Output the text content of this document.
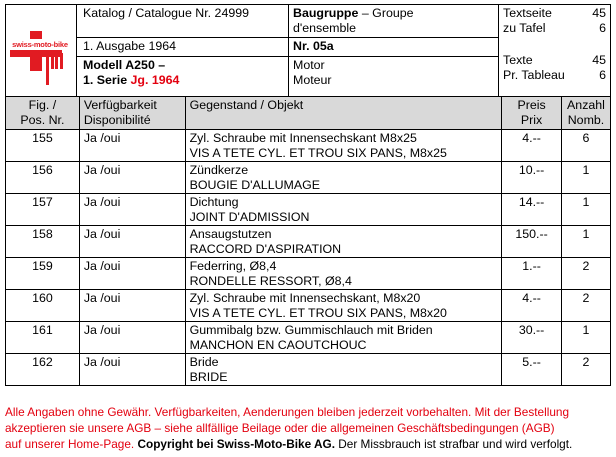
swiss-moto-bike
Katalog / Catalogue Nr. 24999
1. Ausgabe 1964
Modell A250 –
1. Serie Jg. 1964
Baugruppe – Groupe
d'ensemble
Nr. 05a
Motor
Moteur
Textseite	45
zu Tafel	6
Texte	45
Pr. Tableau	6
Fig. /
Pos. Nr.	Verfügbarkeit
Disponibilité	Gegenstand / Objekt	Preis
Prix	Anzahl
Nomb.
155	Ja /oui	Zyl. Schraube mit Innensechskant M8x25
VIS A TETE CYL. ET TROU SIX PANS, M8x25	4.--	6
156	Ja /oui	Zündkerze
BOUGIE D'ALLUMAGE	10.--	1
157	Ja /oui	Dichtung
JOINT D'ADMISSION	14.--	1
158	Ja /oui	Ansaugstutzen
RACCORD D'ASPIRATION	150.--	1
159	Ja /oui	Federring, Ø8,4
RONDELLE RESSORT, Ø8,4	1.--	2
160	Ja /oui	Zyl. Schraube mit Innensechskant, M8x20
VIS A TETE CYL. ET TROU SIX PANS, M8x20	4.--	2
161	Ja /oui	Gummibalg bzw. Gummischlauch mit Briden
MANCHON EN CAOUTCHOUC	30.--	1
162	Ja /oui	Bride
BRIDE	5.--	2
Alle Angaben ohne Gewähr. Verfügbarkeiten, Aenderungen bleiben jederzeit vorbehalten. Mit der Bestellung
akzeptieren sie unsere AGB – siehe allfällige Beilage oder die allgemeinen Geschäftsbedingungen (AGB)
auf unserer Home-Page. Copyright bei Swiss-Moto-Bike AG. Der Missbrauch ist strafbar und wird verfolgt.
